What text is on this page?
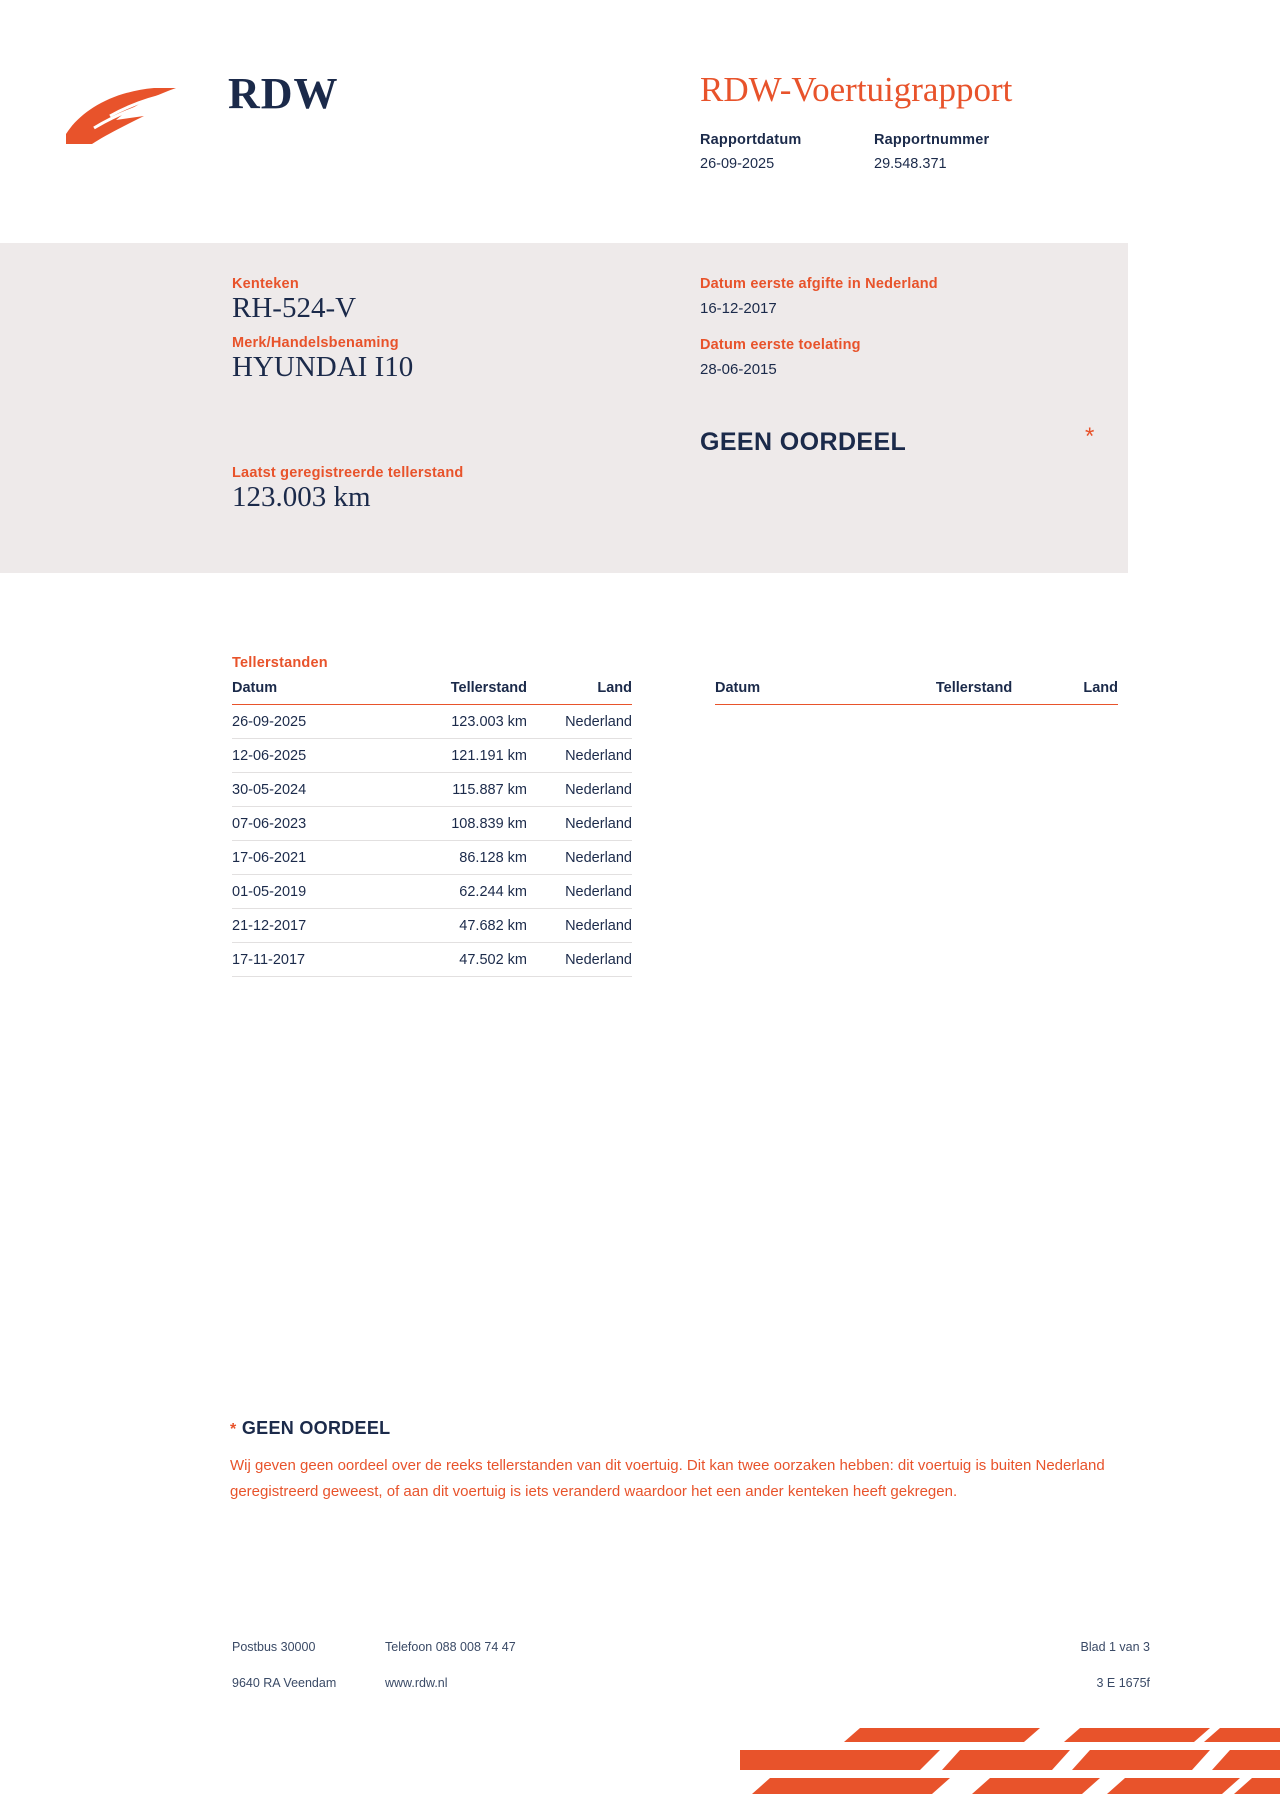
RDW	RDW-Voertuigrapport
Rapportdatum
26-09-2025
Rapportnummer
29.548.371
Kenteken
RH-524-V
Merk/Handelsbenaming
HYUNDAI I10
Datum eerste afgifte in Nederland
16-12-2017
Datum eerste toelating
28-06-2015
GEEN OORDEEL	*
Laatst geregistreerde tellerstand
123.003 km
Tellerstanden
Datum	Tellerstand	Land
26-09-2025	123.003 km	Nederland
12-06-2025	121.191 km	Nederland
30-05-2024	115.887 km	Nederland
07-06-2023	108.839 km	Nederland
17-06-2021	86.128 km	Nederland
01-05-2019	62.244 km	Nederland
21-12-2017	47.682 km	Nederland
17-11-2017	47.502 km	Nederland
Datum	Tellerstand	Land
* GEEN OORDEEL
Wij geven geen oordeel over de reeks tellerstanden van dit voertuig. Dit kan twee oorzaken hebben: dit voertuig is buiten Nederland geregistreerd geweest, of aan dit voertuig is iets veranderd waardoor het een ander kenteken heeft gekregen.
Postbus 30000
9640 RA Veendam
Telefoon 088 008 74 47
www.rdw.nl
Blad 1 van 3
3 E 1675f
